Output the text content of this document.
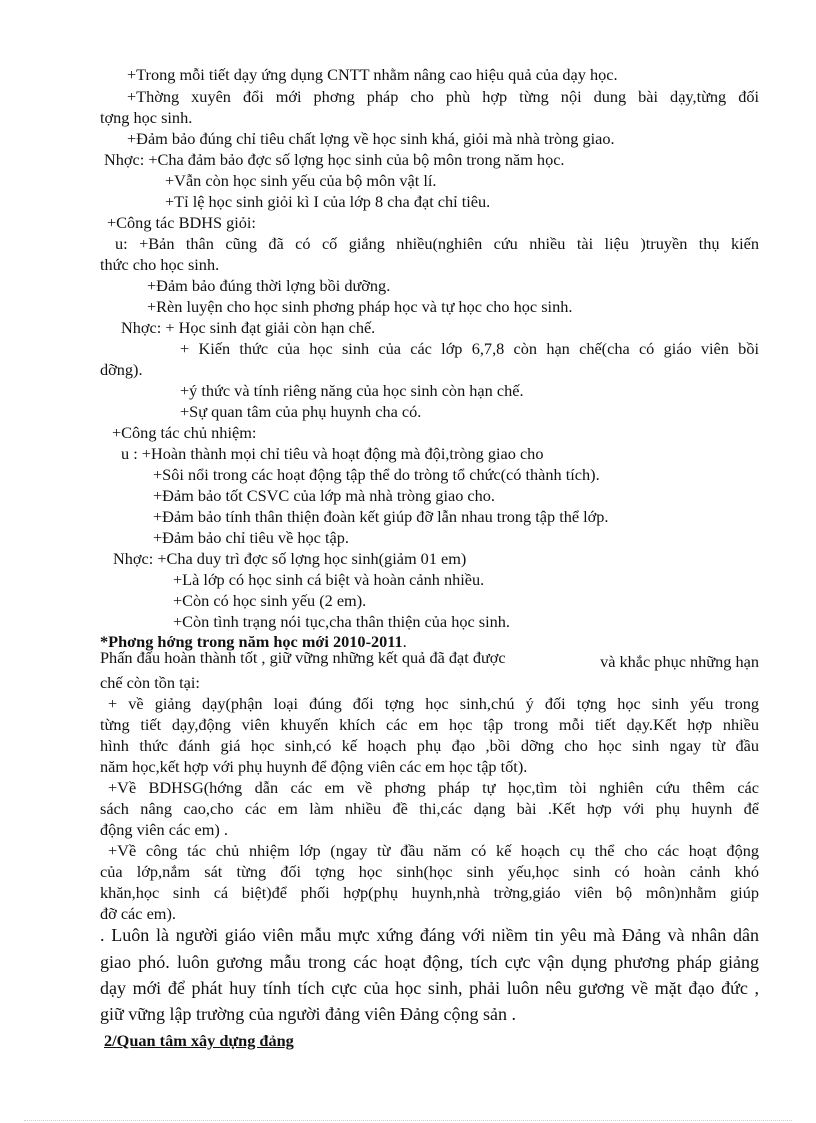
+Trong mỗi tiết dạy ứng dụng CNTT nhằm nâng cao hiệu quả của dạy học.
+Thờng xuyên đổi mới phơng pháp cho phù hợp từng nội dung bài dạy,từng đối
tợng học sinh.
+Đảm bảo đúng chỉ tiêu chất lợng về học sinh khá, giỏi mà nhà tròng giao.
Nhợc: +Cha đảm bảo đợc số lợng học sinh của bộ môn trong năm học.
+Vẫn còn học sinh yếu của bộ môn vật lí.
+Tỉ lệ học sinh giỏi kì I của lớp 8 cha đạt chỉ tiêu.
+Công tác BDHS giỏi:
u: +Bản thân cũng đã có cố giắng nhiều(nghiên cứu nhiều tài liệu )truyền thụ kiến
thức cho học sinh.
+Đảm bảo đúng thời lợng bồi dưỡng.
+Rèn luyện cho học sinh phơng pháp học và tự học cho học sinh.
Nhợc: + Học sinh đạt giải còn hạn chế.
+ Kiến thức của học sinh của các lớp 6,7,8 còn hạn chế(cha có giáo viên bồi
dỡng).
+ý thức và tính riêng năng của học sinh còn hạn chế.
+Sự quan tâm của phụ huynh cha có.
+Công tác chủ nhiệm:
u : +Hoàn thành mọi chỉ tiêu và hoạt động mà đội,tròng giao cho
+Sôi nổi trong các hoạt động tập thể do tròng tổ chức(có thành tích).
+Đảm bảo tốt CSVC của lớp mà nhà tròng giao cho.
+Đảm bảo tính thân thiện đoàn kết giúp đỡ lẫn nhau trong tập thể lớp.
+Đảm bảo chỉ tiêu về học tập.
Nhợc: +Cha duy trì đợc số lợng học sinh(giảm 01 em)
+Là lớp có học sinh cá biệt và hoàn cảnh nhiều.
+Còn có học sinh yếu (2 em).
+Còn tình trạng nói tục,cha thân thiện của học sinh.
*Phơng hớng trong năm học mới 2010-2011.
Phấn đấu hoàn thành tốt , giữ vững những kết quả đã đạt được	và khắc phục những hạn
chế còn tồn tại:
+ về giảng dạy(phận loại đúng đối tợng học sinh,chú ý đối tợng học sinh yếu trong
từng tiết dạy,động viên khuyến khích các em học tập trong mỗi tiết dạy.Kết hợp nhiều
hình thức đánh giá học sinh,có kế hoạch phụ đạo ,bồi dỡng cho học sinh ngay từ đầu
năm học,kết hợp với phụ huynh để động viên các em học tập tốt).
+Về BDHSG(hớng dẫn các em về phơng pháp tự học,tìm tòi nghiên cứu thêm các
sách nâng cao,cho các em làm nhiều đề thi,các dạng bài .Kết hợp với phụ huynh để
động viên các em) .
+Về công tác chủ nhiệm lớp (ngay từ đầu năm có kế hoạch cụ thể cho các hoạt động
của lớp,nắm sát từng đối tợng học sinh(học sinh yếu,học sinh có hoàn cảnh khó
khăn,học sinh cá biệt)để phối hợp(phụ huynh,nhà trờng,giáo viên bộ môn)nhằm giúp
đỡ các em).
. Luôn là người giáo viên mẫu mực xứng đáng với niềm tin yêu mà Đảng và nhân dân
giao phó. luôn gương mẫu trong các hoạt động, tích cực vận dụng phương pháp giảng
dạy mới để phát huy tính tích cực của học sinh, phải luôn nêu gương về mặt đạo đức ,
giữ vững lập trường của người đảng viên Đảng cộng sản .
2/Quan tâm xây dựng đảng
